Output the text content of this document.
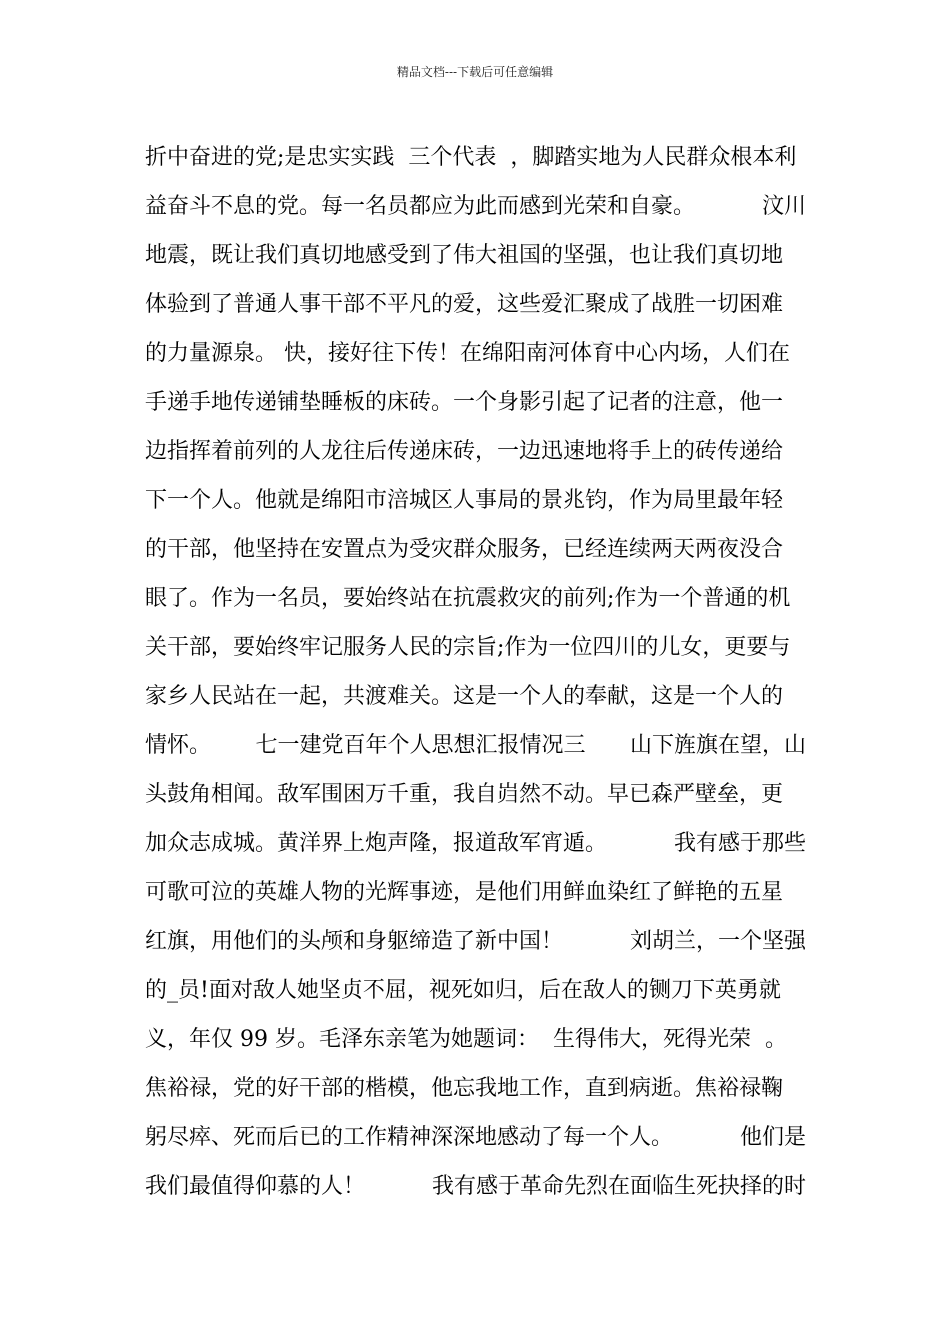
精品文档---下载后可任意编辑
折中奋进的党;是忠实实践  三个代表  ，脚踏实地为人民群众根本利
益奋斗不息的党。每一名员都应为此而感到光荣和自豪。	汶川
地震，既让我们真切地感受到了伟大祖国的坚强，也让我们真切地
体验到了普通人事干部不平凡的爱，这些爱汇聚成了战胜一切困难
的力量源泉。 快，接好往下传！在绵阳南河体育中心内场，人们在
手递手地传递铺垫睡板的床砖。一个身影引起了记者的注意，他一
边指挥着前列的人龙往后传递床砖，一边迅速地将手上的砖传递给
下一个人。他就是绵阳市涪城区人事局的景兆钧，作为局里最年轻
的干部，他坚持在安置点为受灾群众服务，已经连续两天两夜没合
眼了。作为一名员，要始终站在抗震救灾的前列;作为一个普通的机
关干部，要始终牢记服务人民的宗旨;作为一位四川的儿女，更要与
家乡人民站在一起，共渡难关。这是一个人的奉献，这是一个人的
情怀。 七一建党百年个人思想汇报情况三 山下旌旗在望，山
头鼓角相闻。敌军围困万千重，我自岿然不动。早已森严壁垒，更
加众志成城。黄洋界上炮声隆，报道敌军宵遁。	我有感于那些
可歌可泣的英雄人物的光辉事迹，是他们用鲜血染红了鲜艳的五星
红旗，用他们的头颅和身躯缔造了新中国！	刘胡兰，一个坚强
的_员!面对敌人她坚贞不屈，视死如归，后在敌人的铡刀下英勇就
义，年仅 99 岁。毛泽东亲笔为她题词：  生得伟大，死得光荣  。
焦裕禄，党的好干部的楷模，他忘我地工作，直到病逝。焦裕禄鞠
躬尽瘁、死而后已的工作精神深深地感动了每一个人。	他们是
我们最值得仰慕的人！	我有感于革命先烈在面临生死抉择的时
